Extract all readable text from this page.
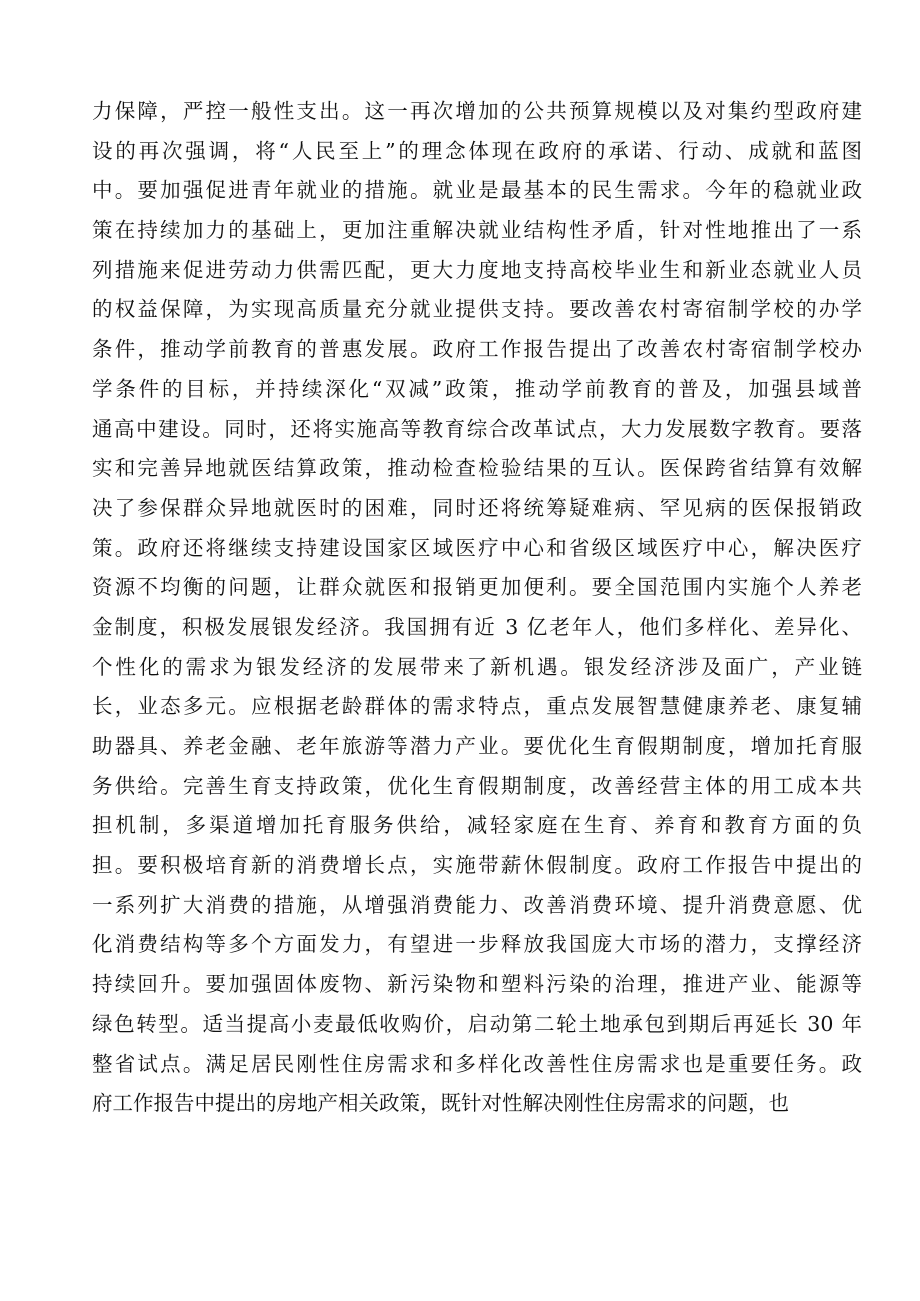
力保障，严控一般性支出。这一再次增加的公共预算规模以及对集约型政府建
设的再次强调，将“人民至上”的理念体现在政府的承诺、行动、成就和蓝图
中。要加强促进青年就业的措施。就业是最基本的民生需求。今年的稳就业政
策在持续加力的基础上，更加注重解决就业结构性矛盾，针对性地推出了一系
列措施来促进劳动力供需匹配，更大力度地支持高校毕业生和新业态就业人员
的权益保障，为实现高质量充分就业提供支持。要改善农村寄宿制学校的办学
条件，推动学前教育的普惠发展。政府工作报告提出了改善农村寄宿制学校办
学条件的目标，并持续深化“双减”政策，推动学前教育的普及，加强县域普
通高中建设。同时，还将实施高等教育综合改革试点，大力发展数字教育。要落
实和完善异地就医结算政策，推动检查检验结果的互认。医保跨省结算有效解
决了参保群众异地就医时的困难，同时还将统筹疑难病、罕见病的医保报销政
策。政府还将继续支持建设国家区域医疗中心和省级区域医疗中心，解决医疗
资源不均衡的问题，让群众就医和报销更加便利。要全国范围内实施个人养老
金制度，积极发展银发经济。我国拥有近 3 亿老年人，他们多样化、差异化、
个性化的需求为银发经济的发展带来了新机遇。银发经济涉及面广，产业链
长，业态多元。应根据老龄群体的需求特点，重点发展智慧健康养老、康复辅
助器具、养老金融、老年旅游等潜力产业。要优化生育假期制度，增加托育服
务供给。完善生育支持政策，优化生育假期制度，改善经营主体的用工成本共
担机制，多渠道增加托育服务供给，减轻家庭在生育、养育和教育方面的负
担。要积极培育新的消费增长点，实施带薪休假制度。政府工作报告中提出的
一系列扩大消费的措施，从增强消费能力、改善消费环境、提升消费意愿、优
化消费结构等多个方面发力，有望进一步释放我国庞大市场的潜力，支撑经济
持续回升。要加强固体废物、新污染物和塑料污染的治理，推进产业、能源等
绿色转型。适当提高小麦最低收购价，启动第二轮土地承包到期后再延长 30 年
整省试点。满足居民刚性住房需求和多样化改善性住房需求也是重要任务。政
府工作报告中提出的房地产相关政策，既针对性解决刚性住房需求的问题，也
